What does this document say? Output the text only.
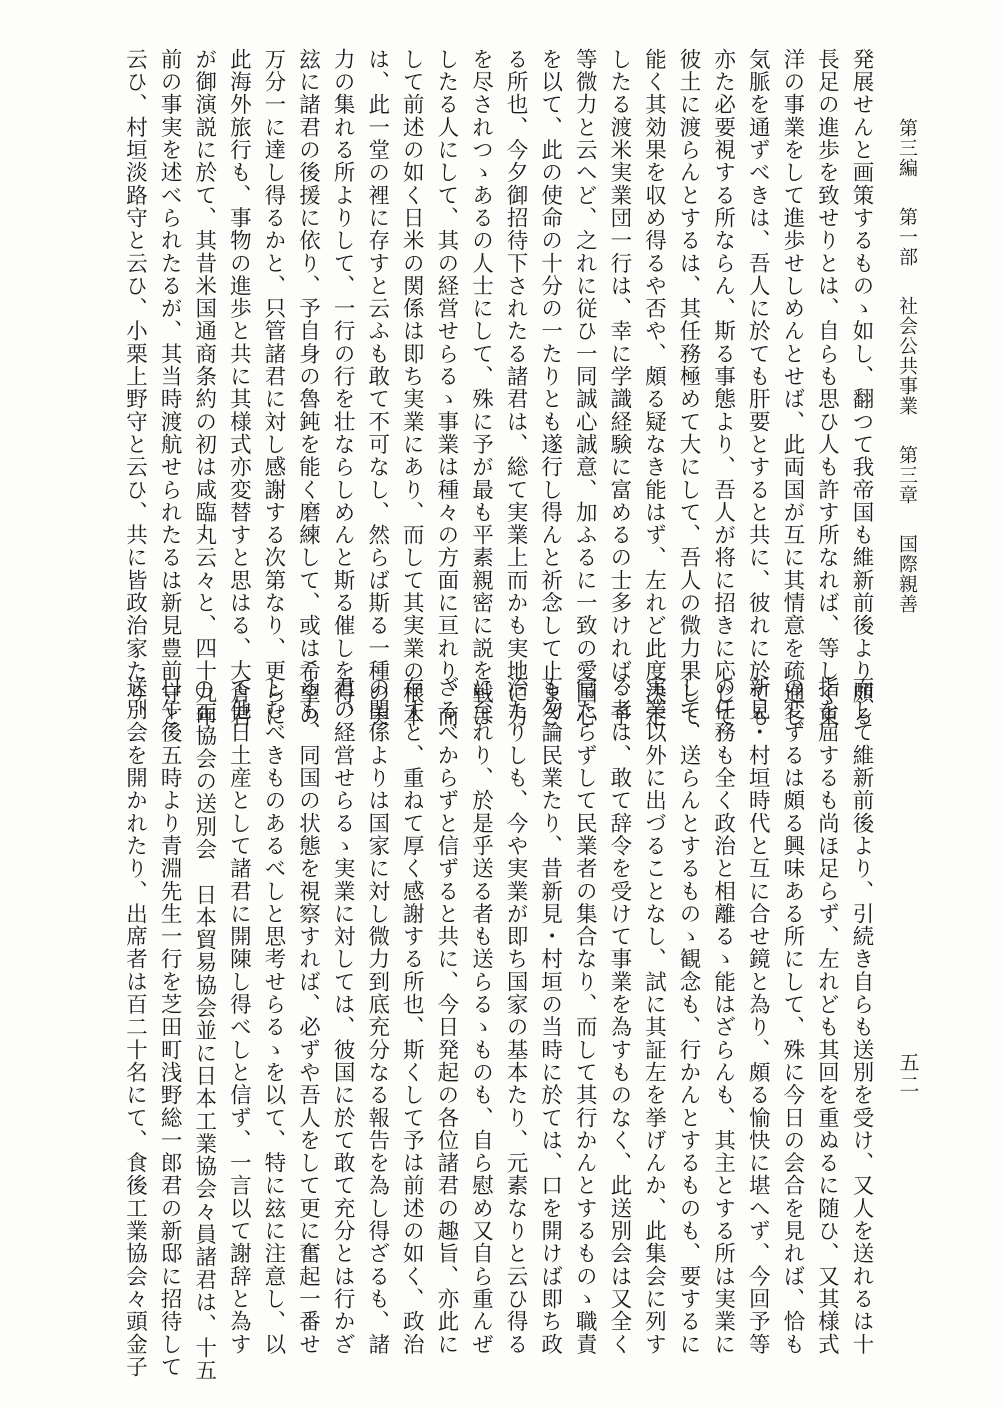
第三編 第一部 社会公共事業 第三章 国際親善
五二

発展せんと画策するものゝ如し、翻つて我帝国も維新前後より頗る

長足の進歩を致せりとは、自らも思ひ人も許す所なれば、等しく東

洋の事業をして進歩せしめんとせば、此両国が互に其情意を疏通し

気脈を通ずべきは、吾人に於ても肝要とすると共に、彼れに於ても

亦た必要視する所ならん、斯る事態より、吾人が将に招きに応じて

彼土に渡らんとするは、其任務極めて大にして、吾人の微力果して

能く其効果を収め得るや否や、頗る疑なき能はず、左れど此度決定

したる渡米実業団一行は、幸に学識経験に富めるの士多ければ、予

等微力と云へど、之れに従ひ一同誠心誠意、加ふるに一致の愛国心

を以て、此の使命の十分の一たりとも遂行し得んと祈念して止まざ

る所也、今夕御招待下されたる諸君は、総て実業上而かも実地に力

を尽されつゝあるの人士にして、殊に予が最も平素親密に説を戦は

したる人にして、其の経営せらるゝ事業は種々の方面に亘れり、而

して前述の如く日米の関係は即ち実業にあり、而して其実業の根本

は、此一堂の裡に存すと云ふも敢て不可なし、然らば斯る一種の実

力の集れる所よりして、一行の行を壮ならしめんと斯る催しを得、

玆に諸君の後援に依り、予自身の魯鈍を能く磨練して、或は希望の

万分一に達し得るかと、只管諸君に対し感謝する次第なり、更らに

此海外旅行も、事物の進歩と共に其様式亦変替すと思はる、大倉君

が御演説に於て、其昔米国通商条約の初は咸臨丸云々と、四十九年

前の事実を述べられたるが、其当時渡航せられたるは新見豊前守と

云ひ、村垣淡路守と云ひ、小栗上野守と云ひ、共に皆政治家たり、

而して維新前後より、引続き自らも送別を受け、又人を送れるは十

指を屈するも尚ほ足らず、左れども其回を重ぬるに随ひ、又其様式

の変ずるは頗る興味ある所にして、殊に今日の会合を見れば、恰も

新見・村垣時代と互に合せ鏡と為り、頗る愉快に堪へず、今回予等

の任務も全く政治と相離るゝ能はざらんも、其主とする所は実業に

して、送らんとするものゝ観念も、行かんとするものも、要するに

実業以外に出づることなし、試に其証左を挙げんか、此集会に列す

る者は、敢て辞令を受けて事業を為すものなく、此送別会は又全く

官たらずして民業者の集合なり、而して其行かんとするものゝ職責

も勿論民業たり、昔新見・村垣の当時に於ては、口を開けば即ち政

治たりしも、今や実業が即ち国家の基本たり、元素なりと云ひ得る

に至れり、於是乎送る者も送らるゝものも、自ら慰め又自ら重んぜ

ざるべからずと信ずると共に、今日発起の各位諸君の趣旨、亦此に

存すと、重ねて厚く感謝する所也、斯くして予は前述の如く、政治

の関係よりは国家に対し微力到底充分なる報告を為し得ざるも、諸

君の経営せらるゝ実業に対しては、彼国に於て敢て充分とは行かざ

るも、同国の状態を視察すれば、必ずや吾人をして更に奮起一番せ

しむべきものあるべしと思考せらるゝを以て、特に玆に注意し、以

て他日土産として諸君に開陳し得べしと信ず、一言以て謝辞と為す

○両協会の送別会　日本貿易協会並に日本工業協会々員諸君は、十五

日午後五時より青淵先生一行を芝田町浅野総一郎君の新邸に招待して

送別会を開かれたり、出席者は百二十名にて、食後工業協会々頭金子
